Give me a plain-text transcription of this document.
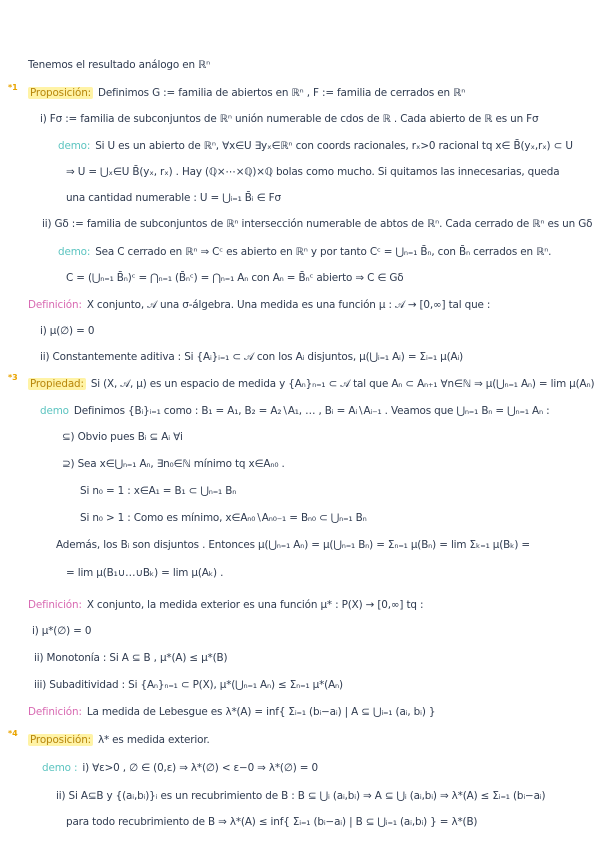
Tenemos el resultado análogo en ℝⁿ
*1 Proposición: Definimos G := familia de abiertos en ℝⁿ , F := familia de cerrados en ℝⁿ
i) Fσ := familia de subconjuntos de ℝⁿ unión numerable de cdos de ℝ . Cada abierto de ℝ es un Fσ
demo: Si U es un abierto de ℝⁿ, ∀x∈U ∃yₓ∈ℝⁿ con coords racionales, rₓ>0 racional tq x∈ B̄(yₓ,rₓ) ⊂ U
⇒ U = ⋃ₓ∈U B̄(yₓ, rₓ) . Hay (ℚ×⋯×ℚ)×ℚ bolas como mucho. Si quitamos las innecesarias, queda
una cantidad numerable : U = ⋃ᵢ₌₁ B̄ᵢ ∈ Fσ
ii) Gδ := familia de subconjuntos de ℝⁿ intersección numerable de abtos de ℝⁿ. Cada cerrado de ℝⁿ es un Gδ
demo: Sea C cerrado en ℝⁿ ⇒ Cᶜ es abierto en ℝⁿ y por tanto Cᶜ = ⋃ₙ₌₁ B̄ₙ, con B̄ₙ cerrados en ℝⁿ.
C = (⋃ₙ₌₁ B̄ₙ)ᶜ = ⋂ₙ₌₁ (B̄ₙᶜ) = ⋂ₙ₌₁ Aₙ con Aₙ = B̄ₙᶜ abierto ⇒ C ∈ Gδ
Definición: X conjunto, 𝒜 una σ-álgebra. Una medida es una función μ : 𝒜 → [0,∞] tal que :
i) μ(∅) = 0
ii) Constantemente aditiva : Si {Aᵢ}ᵢ₌₁ ⊂ 𝒜 con los Aᵢ disjuntos, μ(⋃ᵢ₌₁ Aᵢ) = Σᵢ₌₁ μ(Aᵢ)
*3
Propiedad: Si (X, 𝒜, μ) es un espacio de medida y {Aₙ}ₙ₌₁ ⊂ 𝒜 tal que Aₙ ⊂ Aₙ₊₁ ∀n∈ℕ ⇒ μ(⋃ₙ₌₁ Aₙ) = lim μ(Aₙ)
demo Definimos {Bᵢ}ᵢ₌₁ como : B₁ = A₁, B₂ = A₂∖A₁, … , Bᵢ = Aᵢ∖Aᵢ₋₁ . Veamos que ⋃ₙ₌₁ Bₙ = ⋃ₙ₌₁ Aₙ :
⊆) Obvio pues Bᵢ ⊆ Aᵢ ∀i
⊇) Sea x∈⋃ₙ₌₁ Aₙ, ∃n₀∈ℕ mínimo tq x∈Aₙ₀ .
Si n₀ = 1 : x∈A₁ = B₁ ⊂ ⋃ₙ₌₁ Bₙ
Si n₀ > 1 : Como es mínimo, x∈Aₙ₀∖Aₙ₀₋₁ = Bₙ₀ ⊂ ⋃ₙ₌₁ Bₙ
Además, los Bᵢ son disjuntos . Entonces μ(⋃ₙ₌₁ Aₙ) = μ(⋃ₙ₌₁ Bₙ) = Σₙ₌₁ μ(Bₙ) = lim Σₖ₌₁ μ(Bₖ) =
= lim μ(B₁∪…∪Bₖ) = lim μ(Aₖ) .
Definición: X conjunto, la medida exterior es una función μ* : P(X) → [0,∞] tq :
i) μ*(∅) = 0
ii) Monotonía : Si A ⊆ B , μ*(A) ≤ μ*(B)
iii) Subaditividad : Si {Aₙ}ₙ₌₁ ⊂ P(X), μ*(⋃ₙ₌₁ Aₙ) ≤ Σₙ₌₁ μ*(Aₙ)
Definición: La medida de Lebesgue es λ*(A) = inf{ Σᵢ₌₁ (bᵢ−aᵢ) | A ⊆ ⋃ᵢ₌₁ (aᵢ, bᵢ) }
*4
Proposición: λ* es medida exterior.
demo : i) ∀ε>0 , ∅ ∈ (0,ε) ⇒ λ*(∅) < ε−0 ⇒ λ*(∅) = 0
ii) Si A⊆B y {(aᵢ,bᵢ)}ᵢ es un recubrimiento de B : B ⊆ ⋃ᵢ (aᵢ,bᵢ) ⇒ A ⊆ ⋃ᵢ (aᵢ,bᵢ) ⇒ λ*(A) ≤ Σᵢ₌₁ (bᵢ−aᵢ)
para todo recubrimiento de B ⇒ λ*(A) ≤ inf{ Σᵢ₌₁ (bᵢ−aᵢ) | B ⊆ ⋃ᵢ₌₁ (aᵢ,bᵢ) } = λ*(B)
